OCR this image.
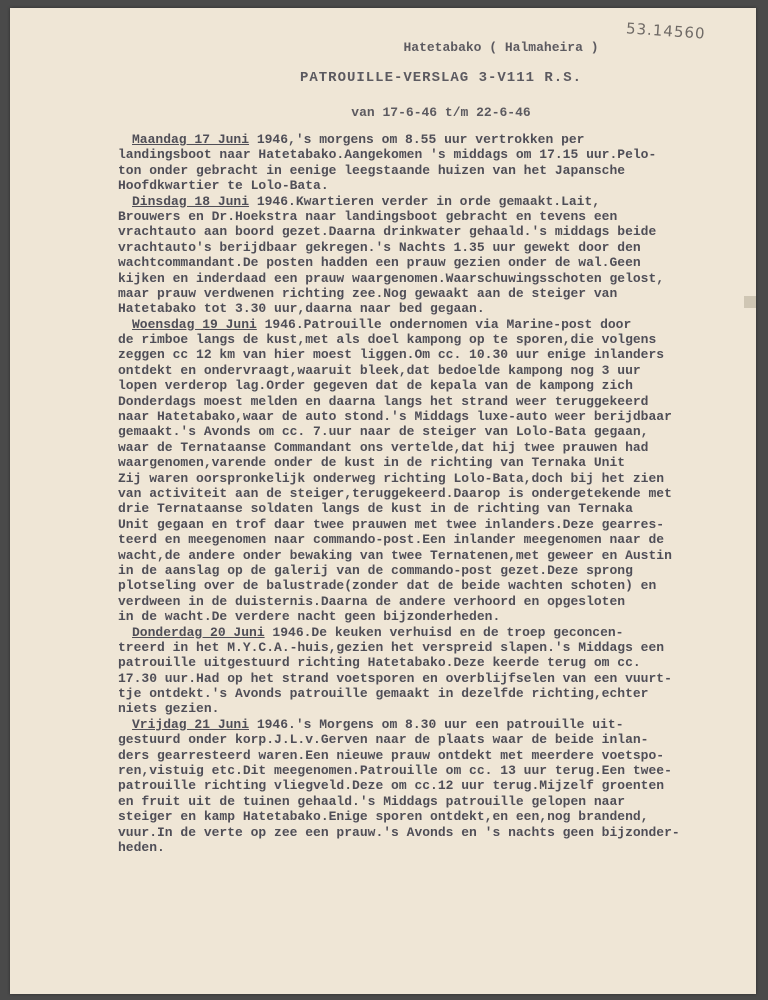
53.14560
Hatetabako ( Halmaheira )
PATROUILLE-VERSLAG 3-V111 R.S.
van 17-6-46 t/m 22-6-46
Maandag 17 Juni 1946,'s morgens om 8.55 uur vertrokken per
landingsboot naar Hatetabako.Aangekomen 's middags om 17.15 uur.Pelo-
ton onder gebracht in eenige leegstaande huizen van het Japansche
Hoofdkwartier te Lolo-Bata.
Dinsdag 18 Juni 1946.Kwartieren verder in orde gemaakt.Lait,
Brouwers en Dr.Hoekstra naar landingsboot gebracht en tevens een
vrachtauto aan boord gezet.Daarna drinkwater gehaald.'s middags beide
vrachtauto's berijdbaar gekregen.'s Nachts 1.35 uur gewekt door den
wachtcommandant.De posten hadden een prauw gezien onder de wal.Geen
kijken en inderdaad een prauw waargenomen.Waarschuwingsschoten gelost,
maar prauw verdwenen richting zee.Nog gewaakt aan de steiger van
Hatetabako tot 3.30 uur,daarna naar bed gegaan.
Woensdag 19 Juni 1946.Patrouille ondernomen via Marine-post door
de rimboe langs de kust,met als doel kampong op te sporen,die volgens
zeggen cc 12 km van hier moest liggen.Om cc. 10.30 uur enige inlanders
ontdekt en ondervraagt,waaruit bleek,dat bedoelde kampong nog 3 uur
lopen verderop lag.Order gegeven dat de kepala van de kampong zich
Donderdags moest melden en daarna langs het strand weer teruggekeerd
naar Hatetabako,waar de auto stond.'s Middags luxe-auto weer berijdbaar
gemaakt.'s Avonds om cc. 7.uur naar de steiger van Lolo-Bata gegaan,
waar de Ternataanse Commandant ons vertelde,dat hij twee prauwen had
waargenomen,varende onder de kust in de richting van Ternaka Unit
Zij waren oorspronkelijk onderweg richting Lolo-Bata,doch bij het zien
van activiteit aan de steiger,teruggekeerd.Daarop is ondergetekende met
drie Ternataanse soldaten langs de kust in de richting van Ternaka
Unit gegaan en trof daar twee prauwen met twee inlanders.Deze gearres-
teerd en meegenomen naar commando-post.Een inlander meegenomen naar de
wacht,de andere onder bewaking van twee Ternatenen,met geweer en Austin
in de aanslag op de galerij van de commando-post gezet.Deze sprong
plotseling over de balustrade(zonder dat de beide wachten schoten) en
verdween in de duisternis.Daarna de andere verhoord en opgesloten
in de wacht.De verdere nacht geen bijzonderheden.
Donderdag 20 Juni 1946.De keuken verhuisd en de troep geconcen-
treerd in het M.Y.C.A.-huis,gezien het verspreid slapen.'s Middags een
patrouille uitgestuurd richting Hatetabako.Deze keerde terug om cc.
17.30 uur.Had op het strand voetsporen en overblijfselen van een vuurt-
tje ontdekt.'s Avonds patrouille gemaakt in dezelfde richting,echter
niets gezien.
Vrijdag 21 Juni 1946.'s Morgens om 8.30 uur een patrouille uit-
gestuurd onder korp.J.L.v.Gerven naar de plaats waar de beide inlan-
ders gearresteerd waren.Een nieuwe prauw ontdekt met meerdere voetspo-
ren,vistuig etc.Dit meegenomen.Patrouille om cc. 13 uur terug.Een twee-
patrouille richting vliegveld.Deze om cc.12 uur terug.Mijzelf groenten
en fruit uit de tuinen gehaald.'s Middags patrouille gelopen naar
steiger en kamp Hatetabako.Enige sporen ontdekt,en een,nog brandend,
vuur.In de verte op zee een prauw.'s Avonds en 's nachts geen bijzonder-
heden.
